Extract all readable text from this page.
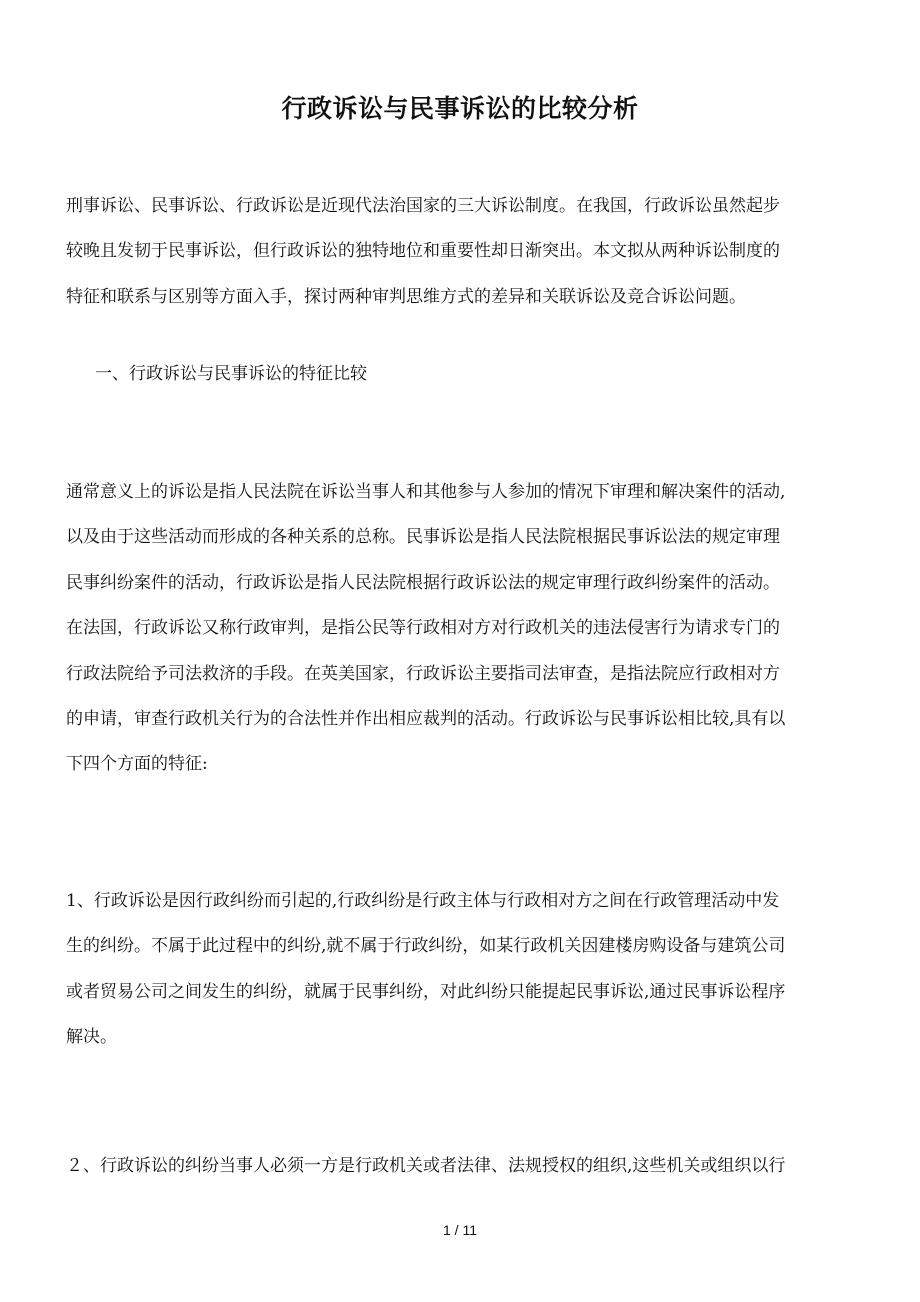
行政诉讼与民事诉讼的比较分析

刑事诉讼、民事诉讼、行政诉讼是近现代法治国家的三大诉讼制度。在我国，行政诉讼虽然起步
较晚且发韧于民事诉讼，但行政诉讼的独特地位和重要性却日渐突出。本文拟从两种诉讼制度的
特征和联系与区别等方面入手，探讨两种审判思维方式的差异和关联诉讼及竞合诉讼问题。

一、行政诉讼与民事诉讼的特征比较

通常意义上的诉讼是指人民法院在诉讼当事人和其他参与人参加的情况下审理和解决案件的活动,
以及由于这些活动而形成的各种关系的总称。民事诉讼是指人民法院根据民事诉讼法的规定审理
民事纠纷案件的活动，行政诉讼是指人民法院根据行政诉讼法的规定审理行政纠纷案件的活动。
在法国，行政诉讼又称行政审判，是指公民等行政相对方对行政机关的违法侵害行为请求专门的
行政法院给予司法救济的手段。在英美国家，行政诉讼主要指司法审查，是指法院应行政相对方
的申请，审查行政机关行为的合法性并作出相应裁判的活动。行政诉讼与民事诉讼相比较,具有以
下四个方面的特征:

1、行政诉讼是因行政纠纷而引起的,行政纠纷是行政主体与行政相对方之间在行政管理活动中发
生的纠纷。不属于此过程中的纠纷,就不属于行政纠纷，如某行政机关因建楼房购设备与建筑公司
或者贸易公司之间发生的纠纷，就属于民事纠纷，对此纠纷只能提起民事诉讼,通过民事诉讼程序
解决。

２、行政诉讼的纠纷当事人必须一方是行政机关或者法律、法规授权的组织,这些机关或组织以行

1 / 11
